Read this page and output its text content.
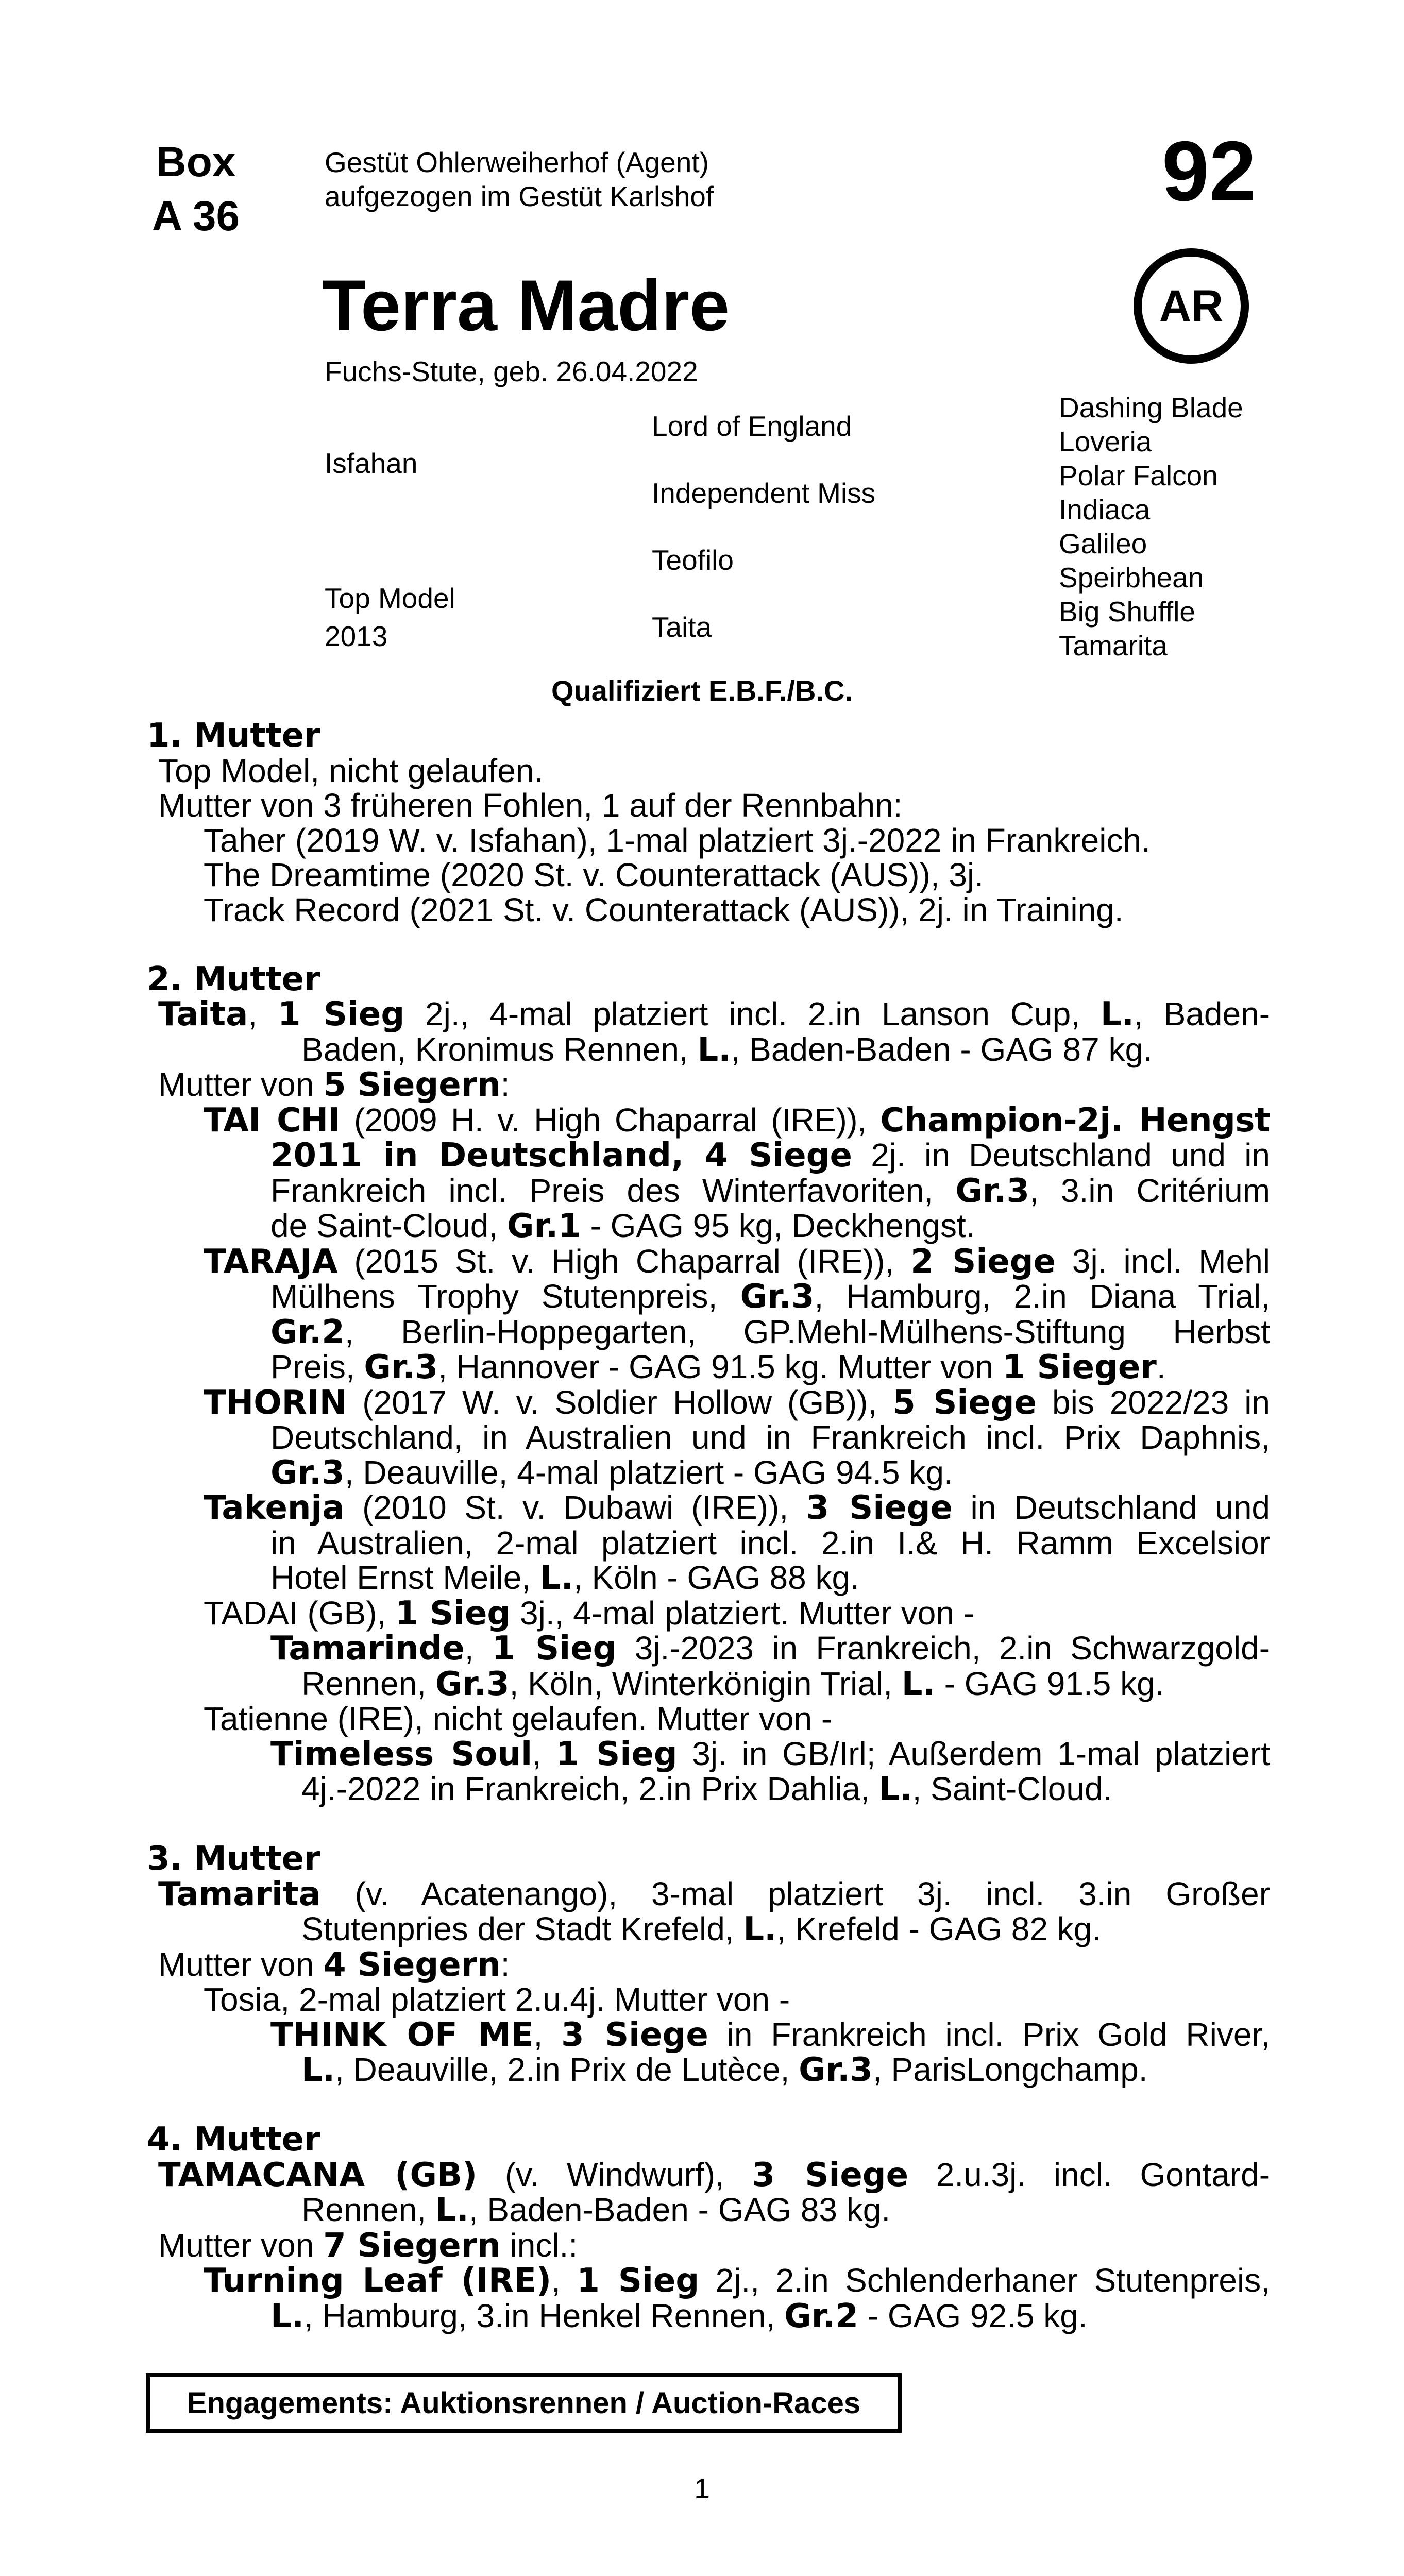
Box
A 36
Gestüt Ohlerweiherhof (Agent)
aufgezogen im Gestüt Karlshof	92
AR
Terra Madre
Fuchs-Stute, geb. 26.04.2022
Isfahan
Top Model
2013
Lord of England
Independent Miss
Teofilo
Taita
Dashing Blade
Loveria
Polar Falcon
Indiaca
Galileo
Speirbhean
Big Shuffle
Tamarita
Qualifiziert E.B.F./B.C.
1. Mutter
Top Model, nicht gelaufen.
Mutter von 3 früheren Fohlen, 1 auf der Rennbahn:
Taher (2019 W. v. Isfahan), 1-mal platziert 3j.-2022 in Frankreich.
The Dreamtime (2020 St. v. Counterattack (AUS)), 3j.
Track Record (2021 St. v. Counterattack (AUS)), 2j. in Training.
2. Mutter
Taita, 1 Sieg 2j., 4-mal platziert incl. 2.in Lanson Cup, L., Baden-
Baden, Kronimus Rennen, L., Baden-Baden - GAG 87 kg.
Mutter von 5 Siegern:
TAI CHI (2009 H. v. High Chaparral (IRE)), Champion-2j. Hengst
2011 in Deutschland, 4 Siege 2j. in Deutschland und in
Frankreich incl. Preis des Winterfavoriten, Gr.3, 3.in Critérium
de Saint-Cloud, Gr.1 - GAG 95 kg, Deckhengst.
TARAJA (2015 St. v. High Chaparral (IRE)), 2 Siege 3j. incl. Mehl
Mülhens Trophy Stutenpreis, Gr.3, Hamburg, 2.in Diana Trial,
Gr.2, Berlin-Hoppegarten, GP.Mehl-Mülhens-Stiftung Herbst
Preis, Gr.3, Hannover - GAG 91.5 kg. Mutter von 1 Sieger.
THORIN (2017 W. v. Soldier Hollow (GB)), 5 Siege bis 2022/23 in
Deutschland, in Australien und in Frankreich incl. Prix Daphnis,
Gr.3, Deauville, 4-mal platziert - GAG 94.5 kg.
Takenja (2010 St. v. Dubawi (IRE)), 3 Siege in Deutschland und
in Australien, 2-mal platziert incl. 2.in I.& H. Ramm Excelsior
Hotel Ernst Meile, L., Köln - GAG 88 kg.
TADAI (GB), 1 Sieg 3j., 4-mal platziert. Mutter von -
Tamarinde, 1 Sieg 3j.-2023 in Frankreich, 2.in Schwarzgold-
Rennen, Gr.3, Köln, Winterkönigin Trial, L. - GAG 91.5 kg.
Tatienne (IRE), nicht gelaufen. Mutter von -
Timeless Soul, 1 Sieg 3j. in GB/Irl; Außerdem 1-mal platziert
4j.-2022 in Frankreich, 2.in Prix Dahlia, L., Saint-Cloud.
3. Mutter
Tamarita (v. Acatenango), 3-mal platziert 3j. incl. 3.in Großer
Stutenpries der Stadt Krefeld, L., Krefeld - GAG 82 kg.
Mutter von 4 Siegern:
Tosia, 2-mal platziert 2.u.4j. Mutter von -
THINK OF ME, 3 Siege in Frankreich incl. Prix Gold River,
L., Deauville, 2.in Prix de Lutèce, Gr.3, ParisLongchamp.
4. Mutter
TAMACANA (GB) (v. Windwurf), 3 Siege 2.u.3j. incl. Gontard-
Rennen, L., Baden-Baden - GAG 83 kg.
Mutter von 7 Siegern incl.:
Turning Leaf (IRE), 1 Sieg 2j., 2.in Schlenderhaner Stutenpreis,
L., Hamburg, 3.in Henkel Rennen, Gr.2 - GAG 92.5 kg.
Engagements: Auktionsrennen / Auction-Races
1
